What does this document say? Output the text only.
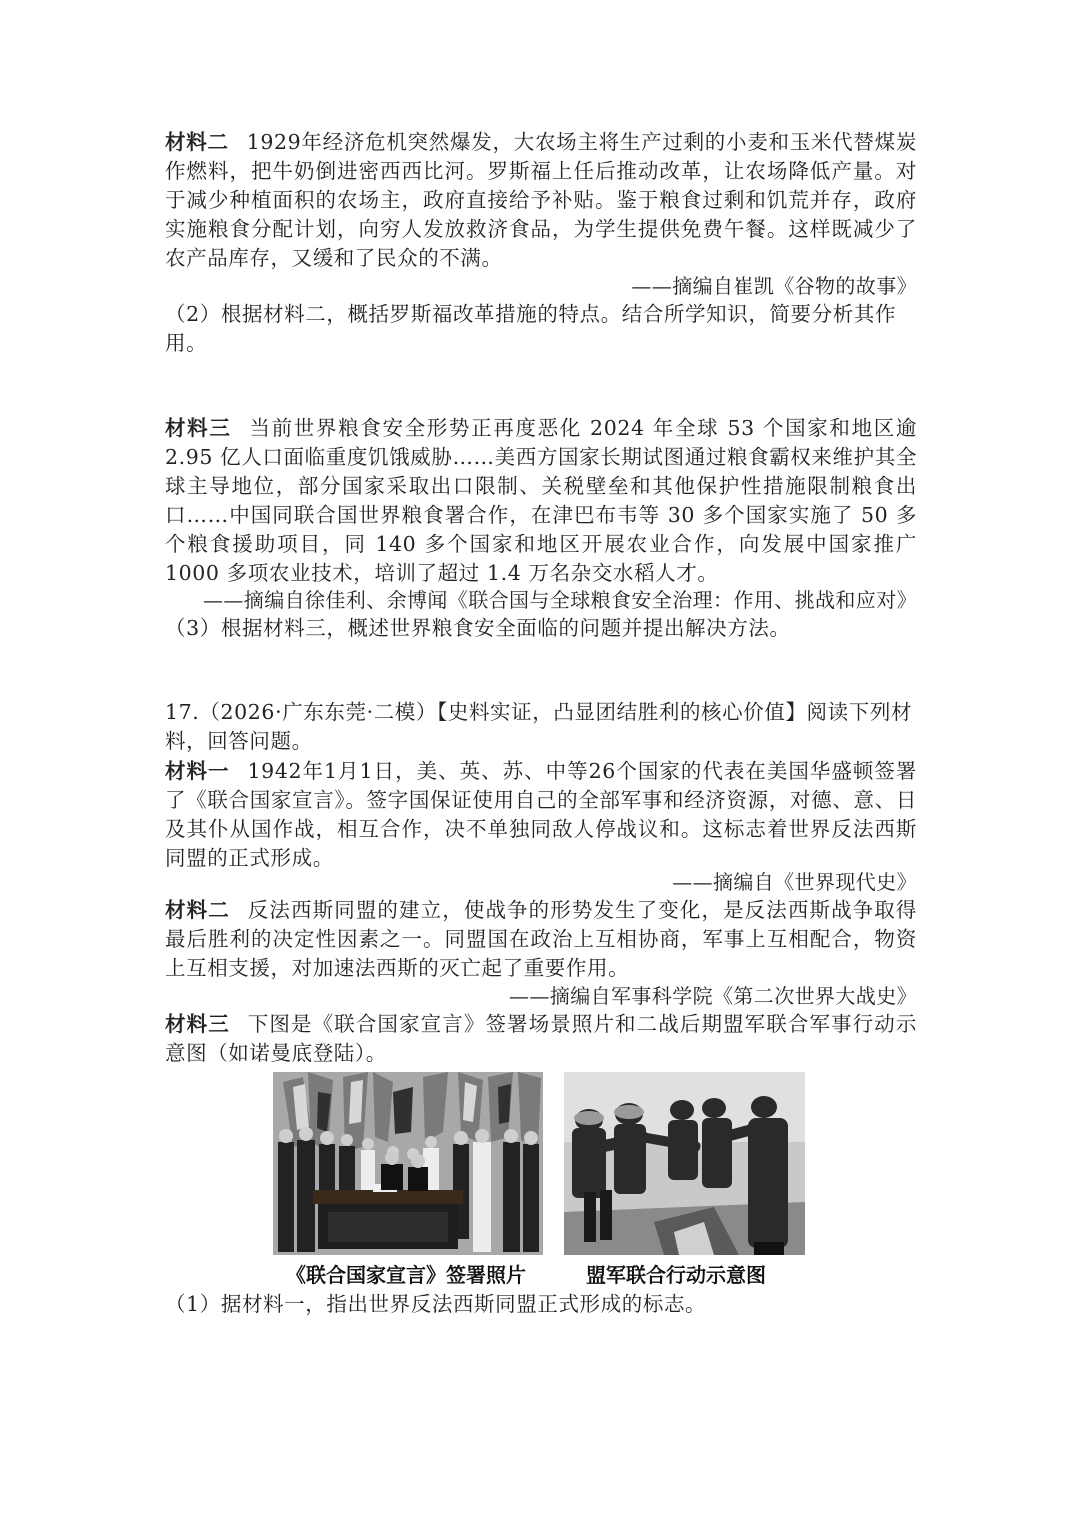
材料二 1929年经济危机突然爆发，大农场主将生产过剩的小麦和玉米代替煤炭作燃料，把牛奶倒进密西西比河。罗斯福上任后推动改革，让农场降低产量。对于减少种植面积的农场主，政府直接给予补贴。鉴于粮食过剩和饥荒并存，政府实施粮食分配计划，向穷人发放救济食品，为学生提供免费午餐。这样既减少了农产品库存，又缓和了民众的不满。

——摘编自崔凯《谷物的故事》

（2）根据材料二，概括罗斯福改革措施的特点。结合所学知识，简要分析其作用。

材料三 当前世界粮食安全形势正再度恶化 2024 年全球 53 个国家和地区逾 2.95 亿人口面临重度饥饿威胁……美西方国家长期试图通过粮食霸权来维护其全球主导地位，部分国家采取出口限制、关税壁垒和其他保护性措施限制粮食出口……中国同联合国世界粮食署合作，在津巴布韦等 30 多个国家实施了 50 多个粮食援助项目，同 140 多个国家和地区开展农业合作，向发展中国家推广 1000 多项农业技术，培训了超过 1.4 万名杂交水稻人才。

——摘编自徐佳利、余博闻《联合国与全球粮食安全治理：作用、挑战和应对》

（3）根据材料三，概述世界粮食安全面临的问题并提出解决方法。

17.（2026·广东东莞·二模）【史料实证，凸显团结胜利的核心价值】阅读下列材料，回答问题。

材料一 1942年1月1日，美、英、苏、中等26个国家的代表在美国华盛顿签署了《联合国家宣言》。签字国保证使用自己的全部军事和经济资源，对德、意、日及其仆从国作战，相互合作，决不单独同敌人停战议和。这标志着世界反法西斯同盟的正式形成。

——摘编自《世界现代史》

材料二 反法西斯同盟的建立，使战争的形势发生了变化，是反法西斯战争取得最后胜利的决定性因素之一。同盟国在政治上互相协商，军事上互相配合，物资上互相支援，对加速法西斯的灭亡起了重要作用。

——摘编自军事科学院《第二次世界大战史》

材料三 下图是《联合国家宣言》签署场景照片和二战后期盟军联合军事行动示意图（如诺曼底登陆）。

《联合国家宣言》签署照片	盟军联合行动示意图

（1）据材料一，指出世界反法西斯同盟正式形成的标志。
